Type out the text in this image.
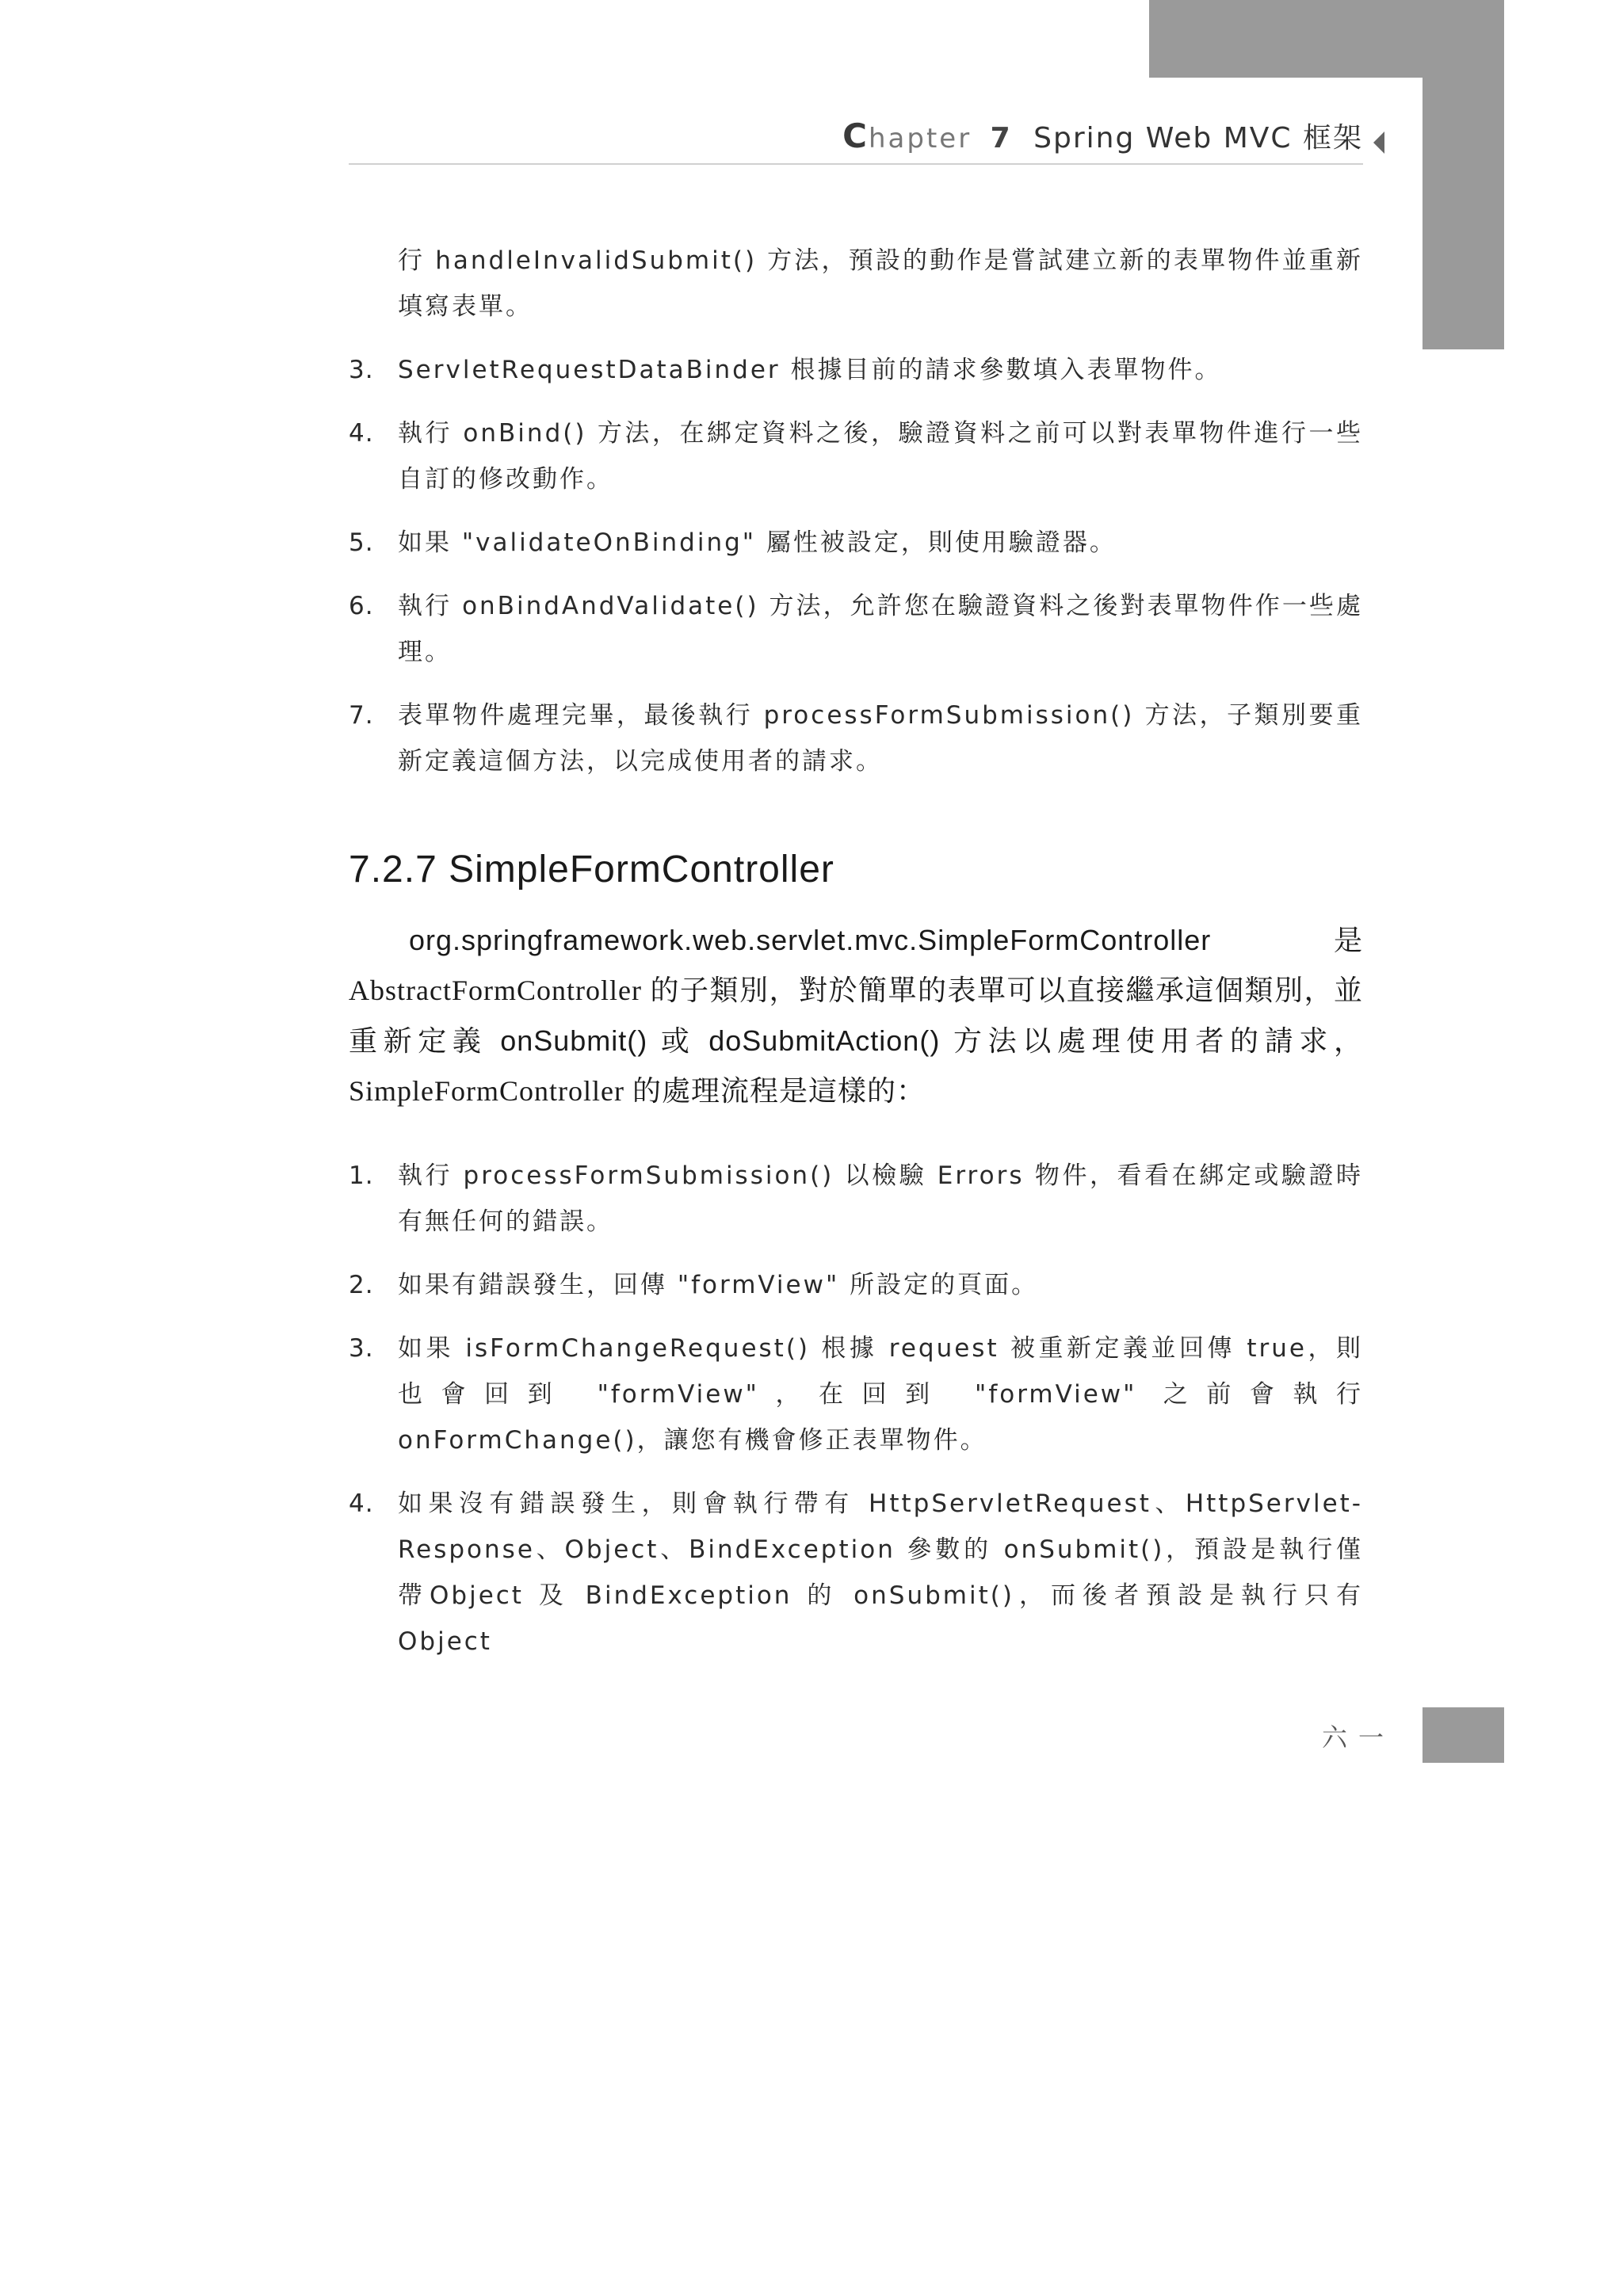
Chapter 7 Spring Web MVC 框架
行 handleInvalidSubmit() 方法，預設的動作是嘗試建立新的表單物件並重新填寫表單。
3. ServletRequestDataBinder 根據目前的請求參數填入表單物件。
4. 執行 onBind() 方法，在綁定資料之後，驗證資料之前可以對表單物件進行一些自訂的修改動作。
5. 如果 "validateOnBinding" 屬性被設定，則使用驗證器。
6. 執行 onBindAndValidate() 方法，允許您在驗證資料之後對表單物件作一些處理。
7. 表單物件處理完畢，最後執行 processFormSubmission() 方法，子類別要重新定義這個方法，以完成使用者的請求。
7.2.7 SimpleFormController
org.springframework.web.servlet.mvc.SimpleFormController 是AbstractFormController 的子類別，對於簡單的表單可以直接繼承這個類別，並重新定義 onSubmit() 或 doSubmitAction() 方法以處理使用者的請求，SimpleFormController 的處理流程是這樣的：
1. 執行 processFormSubmission() 以檢驗 Errors 物件，看看在綁定或驗證時有無任何的錯誤。
2. 如果有錯誤發生，回傳 "formView" 所設定的頁面。
3. 如果 isFormChangeRequest() 根據 request 被重新定義並回傳 true，則也會回到 "formView"，在回到 "formView" 之前會執行 onFormChange()，讓您有機會修正表單物件。
4. 如果沒有錯誤發生，則會執行帶有 HttpServletRequest、HttpServlet-Response、Object、BindException 參數的 onSubmit()，預設是執行僅帶Object 及 BindException 的 onSubmit()，而後者預設是執行只有 Object
六一
